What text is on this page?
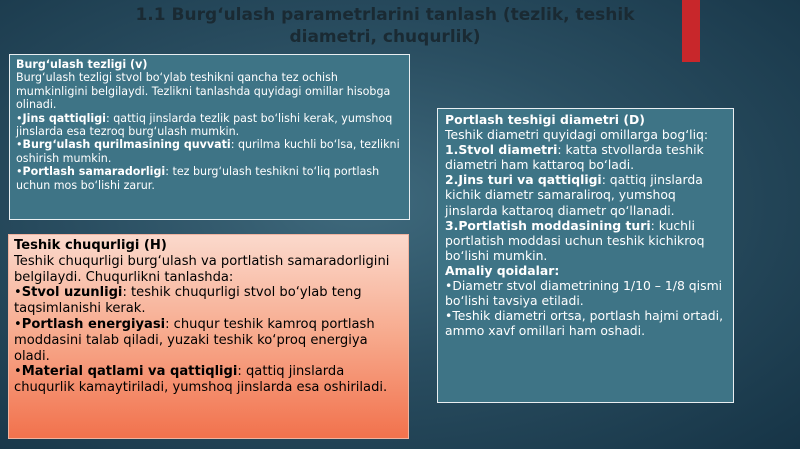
1.1 Burg‘ulash parametrlarini tanlash (tezlik, teshik
diametri, chuqurlik)

Burg‘ulash tezligi (v)

Burg‘ulash tezligi stvol bo‘ylab teshikni qancha tez ochish mumkinligini belgilaydi. Tezlikni tanlashda quyidagi omillar hisobga olinadi.

•Jins qattiqligi: qattiq jinslarda tezlik past bo‘lishi kerak, yumshoq jinslarda esa tezroq burg‘ulash mumkin.

•Burg‘ulash qurilmasining quvvati: qurilma kuchli bo‘lsa, tezlikni oshirish mumkin.

•Portlash samaradorligi: tez burg‘ulash teshikni to‘liq portlash uchun mos bo‘lishi zarur.

Teshik chuqurligi (H)

Teshik chuqurligi burg‘ulash va portlatish samaradorligini belgilaydi. Chuqurlikni tanlashda:

•Stvol uzunligi: teshik chuqurligi stvol bo‘ylab teng taqsimlanishi kerak.

•Portlash energiyasi: chuqur teshik kamroq portlash moddasini talab qiladi, yuzaki teshik ko‘proq energiya oladi.

•Material qatlami va qattiqligi: qattiq jinslarda chuqurlik kamaytiriladi, yumshoq jinslarda esa oshiriladi.

Portlash teshigi diametri (D)

Teshik diametri quyidagi omillarga bog‘liq:

1.Stvol diametri: katta stvollarda teshik diametri ham kattaroq bo‘ladi.

2.Jins turi va qattiqligi: qattiq jinslarda kichik diametr samaraliroq, yumshoq jinslarda kattaroq diametr qo‘llanadi.

3.Portlatish moddasining turi: kuchli portlatish moddasi uchun teshik kichikroq bo‘lishi mumkin.

Amaliy qoidalar:

•Diametr stvol diametrining 1/10 – 1/8 qismi bo‘lishi tavsiya etiladi.

•Teshik diametri ortsa, portlash hajmi ortadi, ammo xavf omillari ham oshadi.
